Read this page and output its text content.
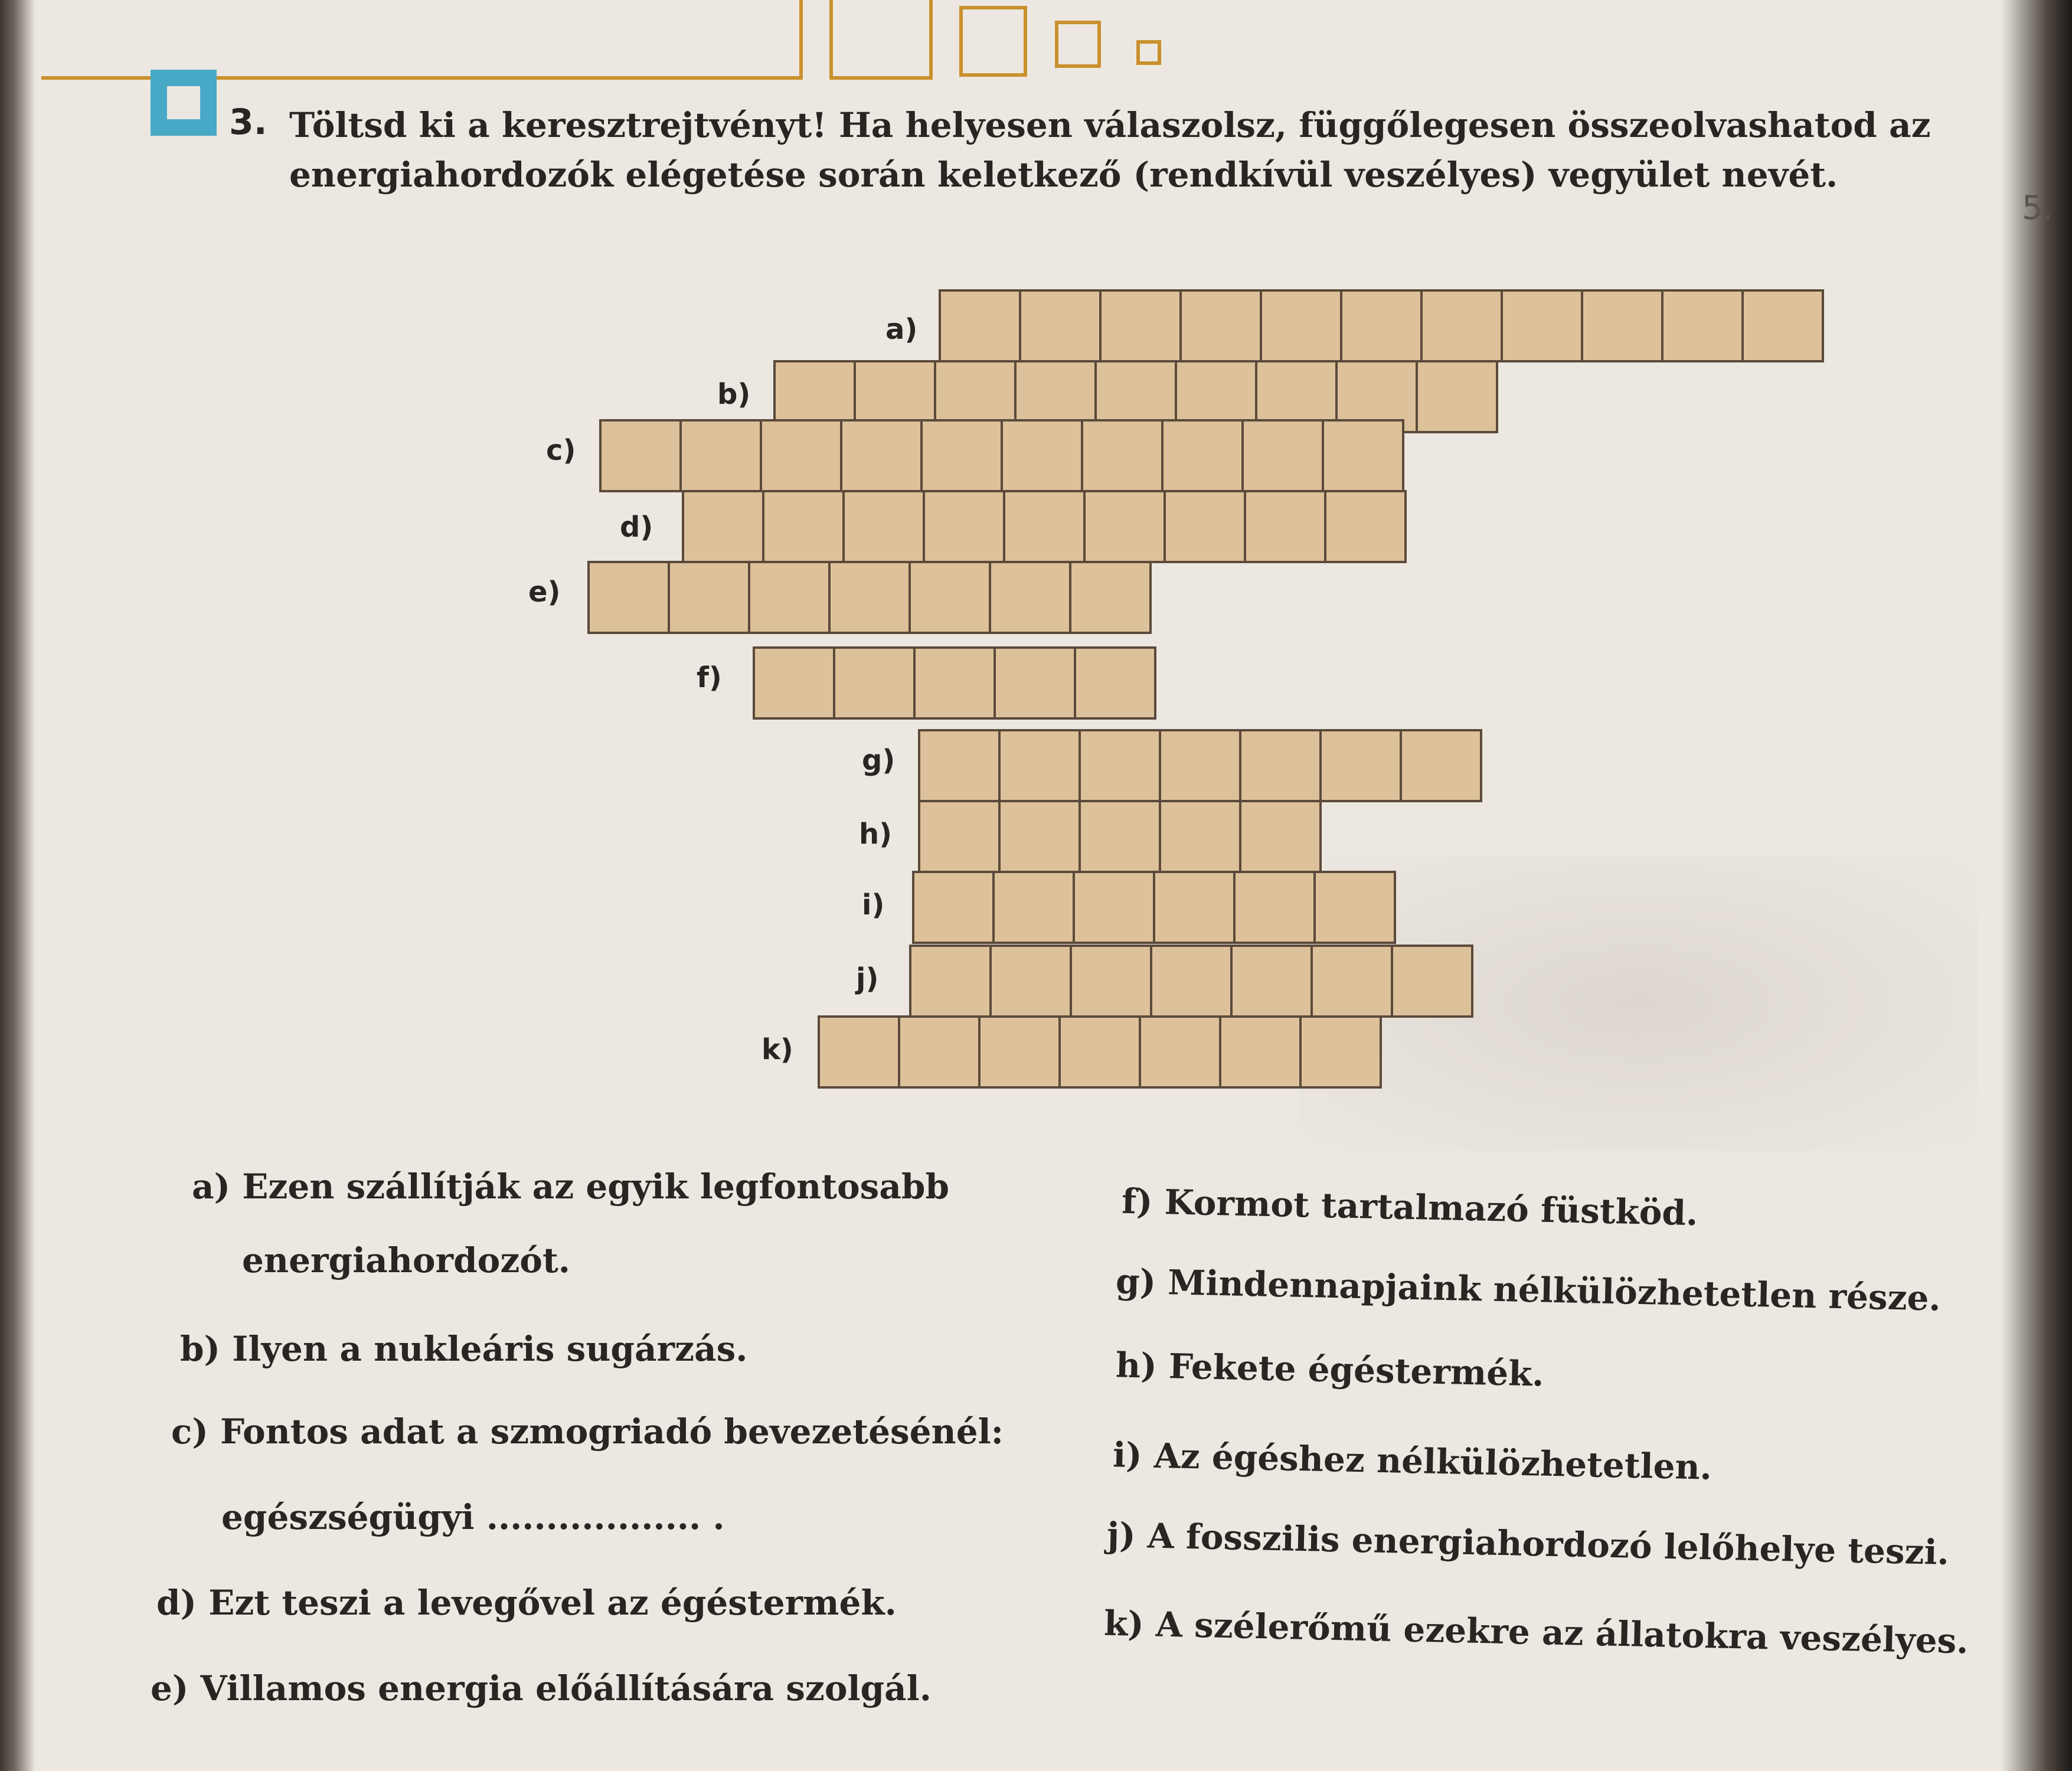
3. Töltsd ki a keresztrejtvényt! Ha helyesen válaszolsz, függőlegesen összeolvashatod az energiahordozók elégetése során keletkező (rendkívül veszélyes) vegyület nevét.
5.
a)
b)
c)
d)
e)
f)
g)
h)
i)
j)
k)
a) Ezen szállítják az egyik legfontosabb
energiahordozót.
b) Ilyen a nukleáris sugárzás.
c) Fontos adat a szmogriadó bevezetésénél:
egészségügyi .................. .
d) Ezt teszi a levegővel az égéstermék.
e) Villamos energia előállítására szolgál.
f) Kormot tartalmazó füstköd.
g) Mindennapjaink nélkülözhetetlen része.
h) Fekete égéstermék.
i) Az égéshez nélkülözhetetlen.
j) A fosszilis energiahordozó lelőhelye teszi.
k) A szélerőmű ezekre az állatokra veszélyes.
